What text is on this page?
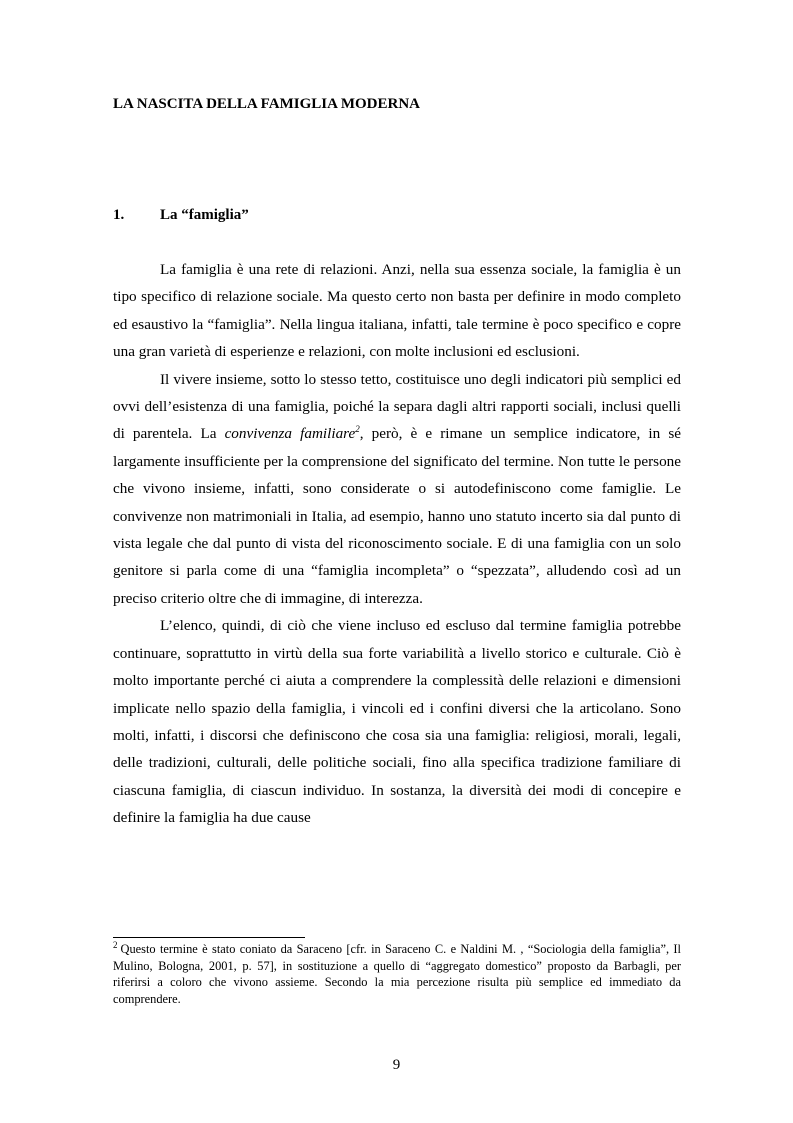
LA NASCITA DELLA FAMIGLIA MODERNA
1. La “famiglia”

La famiglia è una rete di relazioni. Anzi, nella sua essenza sociale, la famiglia è un tipo specifico di relazione sociale. Ma questo certo non basta per definire in modo completo ed esaustivo la “famiglia”. Nella lingua italiana, infatti, tale termine è poco specifico e copre una gran varietà di esperienze e relazioni, con molte inclusioni ed esclusioni.

Il vivere insieme, sotto lo stesso tetto, costituisce uno degli indicatori più semplici ed ovvi dell’esistenza di una famiglia, poiché la separa dagli altri rapporti sociali, inclusi quelli di parentela. La convivenza familiare$^2$, però, è e rimane un semplice indicatore, in sé largamente insufficiente per la comprensione del significato del termine. Non tutte le persone che vivono insieme, infatti, sono considerate o si autodefiniscono come famiglie. Le convivenze non matrimoniali in Italia, ad esempio, hanno uno statuto incerto sia dal punto di vista legale che dal punto di vista del riconoscimento sociale. E di una famiglia con un solo genitore si parla come di una “famiglia incompleta” o “spezzata”, alludendo così ad un preciso criterio oltre che di immagine, di interezza.

L’elenco, quindi, di ciò che viene incluso ed escluso dal termine famiglia potrebbe continuare, soprattutto in virtù della sua forte variabilità a livello storico e culturale. Ciò è molto importante perché ci aiuta a comprendere la complessità delle relazioni e dimensioni implicate nello spazio della famiglia, i vincoli ed i confini diversi che la articolano. Sono molti, infatti, i discorsi che definiscono che cosa sia una famiglia: religiosi, morali, legali, delle tradizioni, culturali, delle politiche sociali, fino alla specifica tradizione familiare di ciascuna famiglia, di ciascun individuo. In sostanza, la diversità dei modi di concepire e definire la famiglia ha due cause

$^2$ Questo termine è stato coniato da Saraceno [cfr. in Saraceno C. e Naldini M. , “Sociologia della famiglia”, Il Mulino, Bologna, 2001, p. 57], in sostituzione a quello di “aggregato domestico” proposto da Barbagli, per riferirsi a coloro che vivono assieme. Secondo la mia percezione risulta più semplice ed immediato da comprendere.

9
